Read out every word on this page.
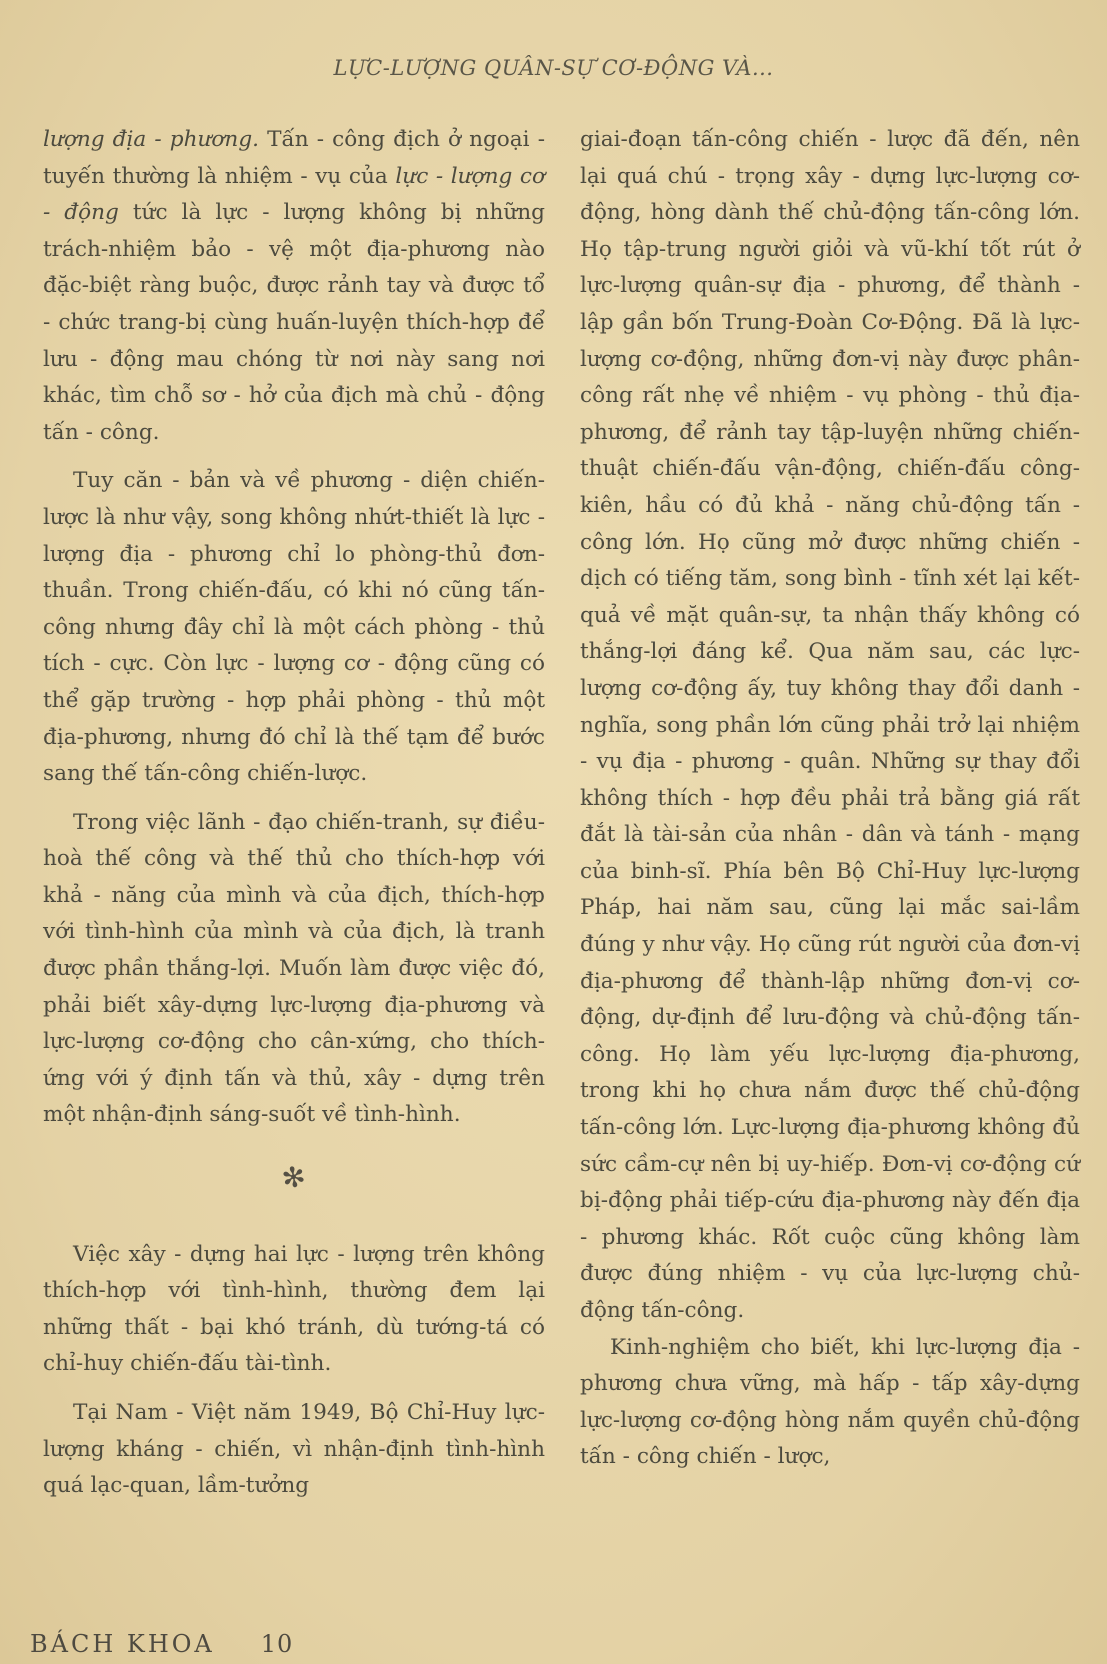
LỰC-LƯỢNG QUÂN-SỰ CƠ-ĐỘNG VÀ...

lượng địa - phương. Tấn - công địch ở ngoại - tuyến thường là nhiệm - vụ của lực - lượng cơ - động tức là lực - lượng không bị những trách-nhiệm bảo - vệ một địa-phương nào đặc-biệt ràng buộc, được rảnh tay và được tổ - chức trang-bị cùng huấn-luyện thích-hợp để lưu - động mau chóng từ nơi này sang nơi khác, tìm chỗ sơ - hở của địch mà chủ - động tấn - công.

Tuy căn - bản và về phương - diện chiến-lược là như vậy, song không nhứt-thiết là lực - lượng địa - phương chỉ lo phòng-thủ đơn-thuần. Trong chiến-đấu, có khi nó cũng tấn-công nhưng đây chỉ là một cách phòng - thủ tích - cực. Còn lực - lượng cơ - động cũng có thể gặp trường - hợp phải phòng - thủ một địa-phương, nhưng đó chỉ là thế tạm để bước sang thế tấn-công chiến-lược.

Trong việc lãnh - đạo chiến-tranh, sự điều-hoà thế công và thế thủ cho thích-hợp với khả - năng của mình và của địch, thích-hợp với tình-hình của mình và của địch, là tranh được phần thắng-lợi. Muốn làm được việc đó, phải biết xây-dựng lực-lượng địa-phương và lực-lượng cơ-động cho cân-xứng, cho thích-ứng với ý định tấn và thủ, xây - dựng trên một nhận-định sáng-suốt về tình-hình.

✻

Việc xây - dựng hai lực - lượng trên không thích-hợp với tình-hình, thường đem lại những thất - bại khó tránh, dù tướng-tá có chỉ-huy chiến-đấu tài-tình.

Tại Nam - Việt năm 1949, Bộ Chỉ-Huy lực-lượng kháng - chiến, vì nhận-định tình-hình quá lạc-quan, lầm-tưởng

giai-đoạn tấn-công chiến - lược đã đến, nên lại quá chú - trọng xây - dựng lực-lượng cơ-động, hòng dành thế chủ-động tấn-công lớn. Họ tập-trung người giỏi và vũ-khí tốt rút ở lực-lượng quân-sự địa - phương, để thành - lập gần bốn Trung-Đoàn Cơ-Động. Đã là lực-lượng cơ-động, những đơn-vị này được phân-công rất nhẹ về nhiệm - vụ phòng - thủ địa-phương, để rảnh tay tập-luyện những chiến-thuật chiến-đấu vận-động, chiến-đấu công-kiên, hầu có đủ khả - năng chủ-động tấn - công lớn. Họ cũng mở được những chiến - dịch có tiếng tăm, song bình - tĩnh xét lại kết-quả về mặt quân-sự, ta nhận thấy không có thắng-lợi đáng kể. Qua năm sau, các lực-lượng cơ-động ấy, tuy không thay đổi danh - nghĩa, song phần lớn cũng phải trở lại nhiệm - vụ địa - phương - quân. Những sự thay đổi không thích - hợp đều phải trả bằng giá rất đắt là tài-sản của nhân - dân và tánh - mạng của binh-sĩ. Phía bên Bộ Chỉ-Huy lực-lượng Pháp, hai năm sau, cũng lại mắc sai-lầm đúng y như vậy. Họ cũng rút người của đơn-vị địa-phương để thành-lập những đơn-vị cơ-động, dự-định để lưu-động và chủ-động tấn-công. Họ làm yếu lực-lượng địa-phương, trong khi họ chưa nắm được thế chủ-động tấn-công lớn. Lực-lượng địa-phương không đủ sức cầm-cự nên bị uy-hiếp. Đơn-vị cơ-động cứ bị-động phải tiếp-cứu địa-phương này đến địa - phương khác. Rốt cuộc cũng không làm được đúng nhiệm - vụ của lực-lượng chủ-động tấn-công.

Kinh-nghiệm cho biết, khi lực-lượng địa - phương chưa vững, mà hấp - tấp xây-dựng lực-lượng cơ-động hòng nắm quyền chủ-động tấn - công chiến - lược,

BÁCH KHOA 10
